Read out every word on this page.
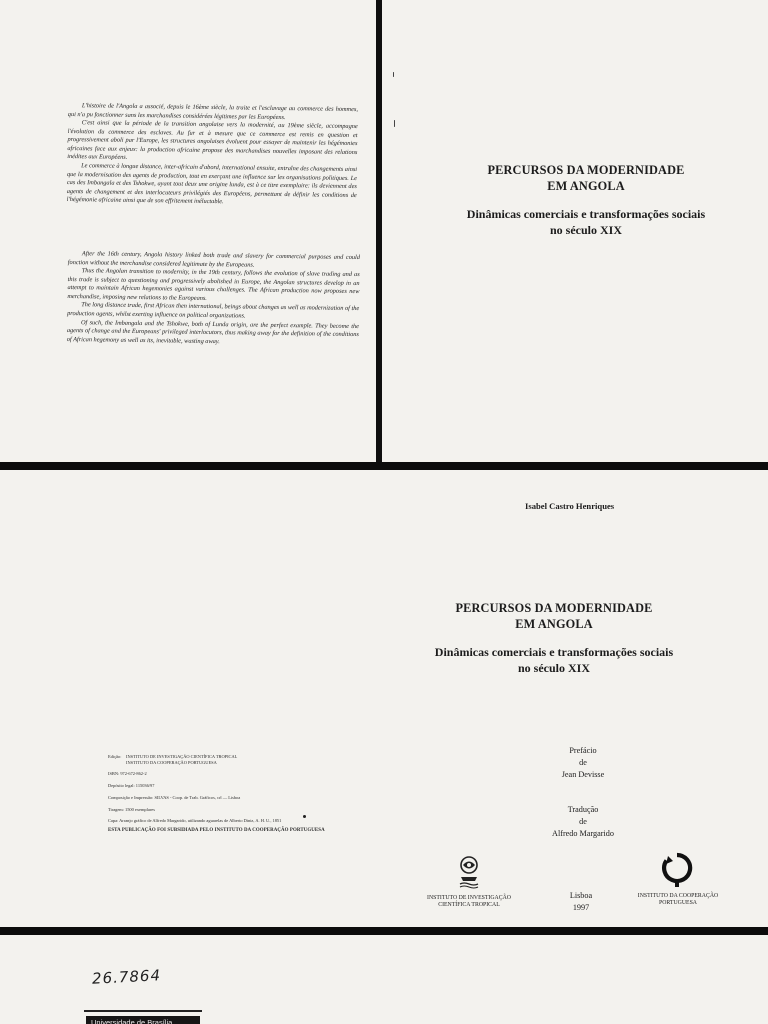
L'histoire de l'Angola a associé, depuis le 16ème siècle, la traite et l'esclavage au commerce des hommes, qui n'a pu fonctionner sans les marchandises considérées légitimes par les Européens.

C'est ainsi que la période de la transition angolaise vers la modernité, au 19ème siècle, accompagne l'évolution du commerce des esclaves. Au fur et à mesure que ce commerce est remis en question et progressivement aboli par l'Europe, les structures angolaises évoluent pour essayer de maintenir les hégémonies africaines face aux enjeux: la production africaine propose des marchandises nouvelles imposant des relations inédites aux Européens.

Le commerce à longue distance, inter-africain d'abord, international ensuite, entraîne des changements ainsi que la modernisation des agents de production, tout en exerçant une influence sur les organisations politiques. Le cas des Imbangala et des Tshokwe, ayant tout deux une origine lunda, est à ce titre exemplaire: ils deviennent des agents de changement et des interlocuteurs privilégiés des Européens, permettant de définir les conditions de l'hégémonie africaine ainsi que de son effritement inéluctable.

After the 16th century, Angola history linked both trade and slavery for commercial purposes and could fonction without the merchandise considered legitimate by the Europeans.

Thus the Angolan transition to modernity, in the 19th century, follows the evolution of slave trading and as this trade is subject to questioning and progressively abolished in Europe, the Angolan structures develop in an attempt to maintain African hegemonies against various challenges. The African production now proposes new merchandise, imposing new relations to the Europeans.

The long distance trade, first African then international, beings about changes as well as modernization of the production agents, whilst exerting influence on political organizations.

Of such, the Imbangala and the Tshokwe, both of Lunda origin, are the perfect example. They become the agents of change and the Europeans' privileged interlocutors, thus making away for the definition of the conditions of African hegemony as well as its, inevitable, wasting away.

PERCURSOS DA MODERNIDADE
EM ANGOLA
Dinâmicas comerciais e transformações sociais
no século XIX
Isabel Castro Henriques
PERCURSOS DA MODERNIDADE
EM ANGOLA
Dinâmicas comerciais e transformações sociais
no século XIX
Prefácio
de
Jean Devisse
Tradução
de
Alfredo Margarido
Edição:	INSTITUTO DE INVESTIGAÇÃO CIENTÍFICA TROPICAL
INSTITUTO DA COOPERAÇÃO PORTUGUESA
ISBN: 972-672-862-2
Depósito legal: 115036/97
Composição e Impressão: SILVAS - Coop. de Trab. Gráficos, crl — Lisboa
Tiragem: 1500 exemplares
Capa: Arranjo gráfico de Alfredo Margarido, utilizando aguarelas de Alberto Diniz, A. H. U., 1851
ESTA PUBLICAÇÃO FOI SUBSIDIADA PELO INSTITUTO DA COOPERAÇÃO PORTUGUESA
INSTITUTO DE INVESTIGAÇÃO
CIENTÍFICA TROPICAL
Lisboa
1997
INSTITUTO DA COOPERAÇÃO
PORTUGUESA
26.7864
Universidade de Brasília
